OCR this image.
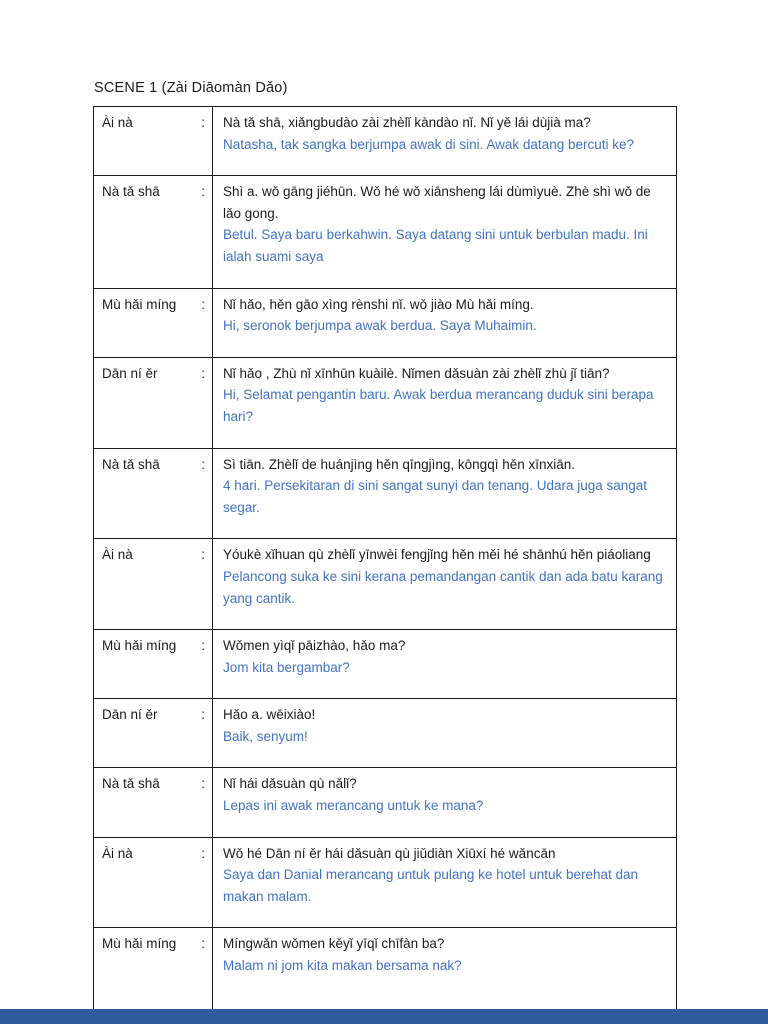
SCENE 1 (Zài Diāomàn Dǎo)

Ài nà	:	Nà tǎ shā, xiǎngbudào zài zhèlǐ kàndào nǐ. Nǐ yě lái dùjià ma?

Natasha, tak sangka berjumpa awak di sini. Awak datang bercuti ke?

Nà tǎ shā	:	Shì a. wǒ gāng jiéhūn. Wǒ hé wǒ xiānsheng lái dùmìyuè. Zhè shì wǒ de lǎo gong.

Betul. Saya baru berkahwin. Saya datang sini untuk berbulan madu. Ini ialah suami saya

Mù hǎi míng :	Nǐ hǎo, hěn gāo xìng rènshi nǐ. wǒ jiào Mù hǎi míng.

Hi, seronok berjumpa awak berdua. Saya Muhaimin.

Dān ní ěr	:	Nǐ hǎo , Zhù nǐ xīnhūn kuàilè. Nǐmen dǎsuàn zài zhèlǐ zhù jǐ tiān?

Hi, Selamat pengantin baru. Awak berdua merancang duduk sini berapa hari?

Nà tǎ shā	:	Sì tiān. Zhèlǐ de huánjìng hěn qīngjìng, kōngqì hěn xīnxiān.

4 hari. Persekitaran di sini sangat sunyi dan tenang. Udara juga sangat segar.

Ài nà	:	Yóukè xǐhuan qù zhèlǐ yīnwèi fengjǐng hěn měi hé shānhú hěn piáoliang

Pelancong suka ke sini kerana pemandangan cantik dan ada batu karang yang cantik.

Mù hǎi míng :	Wǒmen yìqǐ pāizhào, hǎo ma?

Jom kita bergambar?

Dān ní ěr	:	Hǎo a. wēixiào!

Baik, senyum!

Nà tǎ shā	:	Nǐ hái dǎsuàn qù nǎlǐ?

Lepas ini awak merancang untuk ke mana?

Ài nà	:	Wǒ hé Dān ní ěr hái dǎsuàn qù jiǔdiàn Xiūxí hé wǎncān

Saya dan Danial merancang untuk pulang ke hotel untuk berehat dan makan malam.

Mù hǎi míng :	Míngwǎn wǒmen kěyǐ yīqǐ chīfàn ba?

Malam ni jom kita makan bersama nak?
